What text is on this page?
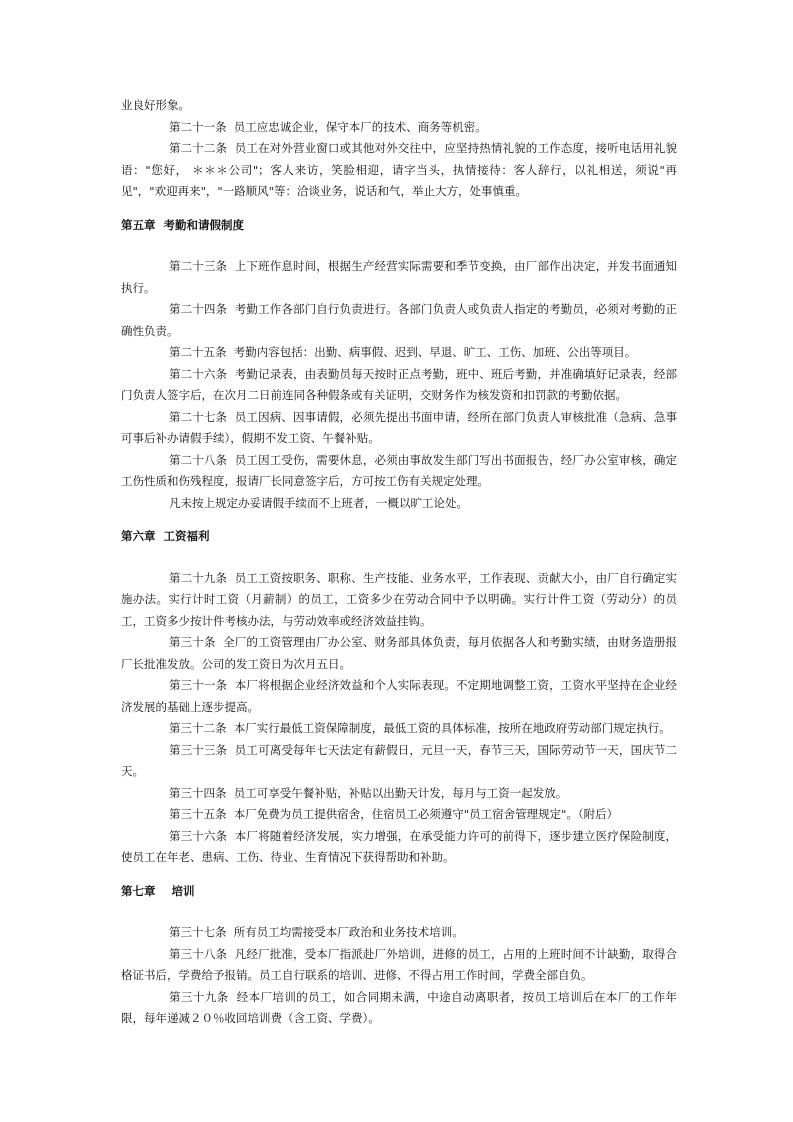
业良好形象。

第二十一条  员工应忠诚企业，保守本厂的技术、商务等机密。

第二十二条  员工在对外营业窗口或其他对外交往中，应坚持热情礼貌的工作态度，接听电话用礼貌语："您好， ＊＊＊公司"；客人来访，笑脸相迎，请字当头，执情接待：客人辞行，以礼相送，须说"再见"，"欢迎再来"，"一路顺风"等：洽谈业务，说话和气，举止大方，处事慎重。

第五章  考勤和请假制度

第二十三条  上下班作息时间，根据生产经营实际需要和季节变换，由厂部作出决定，并发书面通知执行。

第二十四条  考勤工作各部门自行负责进行。各部门负责人或负责人指定的考勤员，必须对考勤的正确性负责。

第二十五条  考勤内容包括：出勤、病事假、迟到、早退、旷工、工伤、加班、公出等项目。

第二十六条  考勤记录表，由表勤员每天按时正点考勤，班中、班后考勤，并准确填好记录表，经部门负责人签字后，在次月二日前连同各种假条或有关证明，交财务作为核发资和扣罚款的考勤依据。

第二十七条  员工因病、因事请假，必须先提出书面申请，经所在部门负责人审核批准（急病、急事可事后补办请假手续），假期不发工资、午餐补贴。

第二十八条  员工因工受伤，需要休息，必须由事故发生部门写出书面报告，经厂办公室审核，确定工伤性质和伤残程度，报请厂长同意签字后，方可按工伤有关规定处理。

凡未按上规定办妥请假手续而不上班者，一概以旷工论处。

第六章  工资福利

第二十九条  员工工资按职务、职称、生产技能、业务水平，工作表现、贡献大小，由厂自行确定实施办法。实行计时工资（月薪制）的员工，工资多少在劳动合同中予以明确。实行计件工资（劳动分）的员工，工资多少按计件考核办法，与劳动效率或经济效益挂钩。

第三十条  全厂的工资管理由厂办公室、财务部具体负责，每月依据各人和考勤实绩，由财务造册报厂长批准发放。公司的发工资日为次月五日。

第三十一条  本厂将根据企业经济效益和个人实际表现。不定期地调整工资，工资水平坚持在企业经济发展的基础上逐步提高。

第三十二条  本厂实行最低工资保障制度，最低工资的具体标准，按所在地政府劳动部门规定执行。

第三十三条  员工可离受每年七天法定有薪假日，元旦一天，春节三天，国际劳动节一天，国庆节二天。

第三十四条  员工可享受午餐补贴，补贴以出勤天计发，每月与工资一起发放。

第三十五条  本厂免费为员工提供宿舍，住宿员工必须遵守"员工宿舍管理规定"。（附后）

第三十六条  本厂将随着经济发展，实力增强，在承受能力许可的前得下，逐步建立医疗保险制度，使员工在年老、患病、工伤、待业、生育情况下获得帮助和补助。

第七章    培训

第三十七条  所有员工均需接受本厂政治和业务技术培训。

第三十八条  凡经厂批准，受本厂指派赴厂外培训，进修的员工，占用的上班时间不计缺勤，取得合格证书后，学费给予报销。员工自行联系的培训、进修、不得占用工作时间，学费全部自负。

第三十九条  经本厂培训的员工，如合同期未满，中途自动离职者，按员工培训后在本厂的工作年限，每年递减２０％收回培训费（含工资、学费）。
